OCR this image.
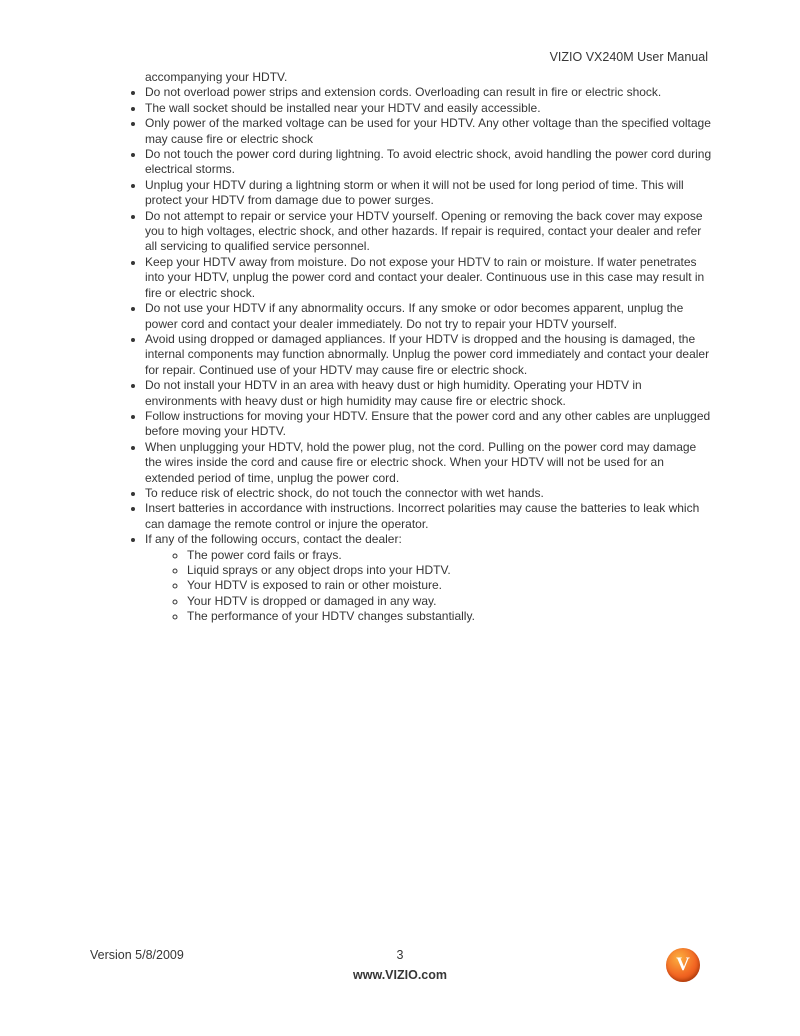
VIZIO VX240M User Manual

accompanying your HDTV.

• Do not overload power strips and extension cords. Overloading can result in fire or electric shock.
• The wall socket should be installed near your HDTV and easily accessible.
• Only power of the marked voltage can be used for your HDTV. Any other voltage than the specified voltage may cause fire or electric shock
• Do not touch the power cord during lightning. To avoid electric shock, avoid handling the power cord during electrical storms.
• Unplug your HDTV during a lightning storm or when it will not be used for long period of time. This will protect your HDTV from damage due to power surges.
• Do not attempt to repair or service your HDTV yourself. Opening or removing the back cover may expose you to high voltages, electric shock, and other hazards. If repair is required, contact your dealer and refer all servicing to qualified service personnel.
• Keep your HDTV away from moisture. Do not expose your HDTV to rain or moisture. If water penetrates into your HDTV, unplug the power cord and contact your dealer. Continuous use in this case may result in fire or electric shock.
• Do not use your HDTV if any abnormality occurs. If any smoke or odor becomes apparent, unplug the power cord and contact your dealer immediately. Do not try to repair your HDTV yourself.
• Avoid using dropped or damaged appliances. If your HDTV is dropped and the housing is damaged, the internal components may function abnormally. Unplug the power cord immediately and contact your dealer for repair. Continued use of your HDTV may cause fire or electric shock.
• Do not install your HDTV in an area with heavy dust or high humidity. Operating your HDTV in environments with heavy dust or high humidity may cause fire or electric shock.
• Follow instructions for moving your HDTV. Ensure that the power cord and any other cables are unplugged before moving your HDTV.
• When unplugging your HDTV, hold the power plug, not the cord. Pulling on the power cord may damage the wires inside the cord and cause fire or electric shock. When your HDTV will not be used for an extended period of time, unplug the power cord.
• To reduce risk of electric shock, do not touch the connector with wet hands.
• Insert batteries in accordance with instructions. Incorrect polarities may cause the batteries to leak which can damage the remote control or injure the operator.
• If any of the following occurs, contact the dealer:
◦ The power cord fails or frays.
◦ Liquid sprays or any object drops into your HDTV.
◦ Your HDTV is exposed to rain or other moisture.
◦ Your HDTV is dropped or damaged in any way.
◦ The performance of your HDTV changes substantially.
Version 5/8/2009	3
www.VIZIO.com
V
